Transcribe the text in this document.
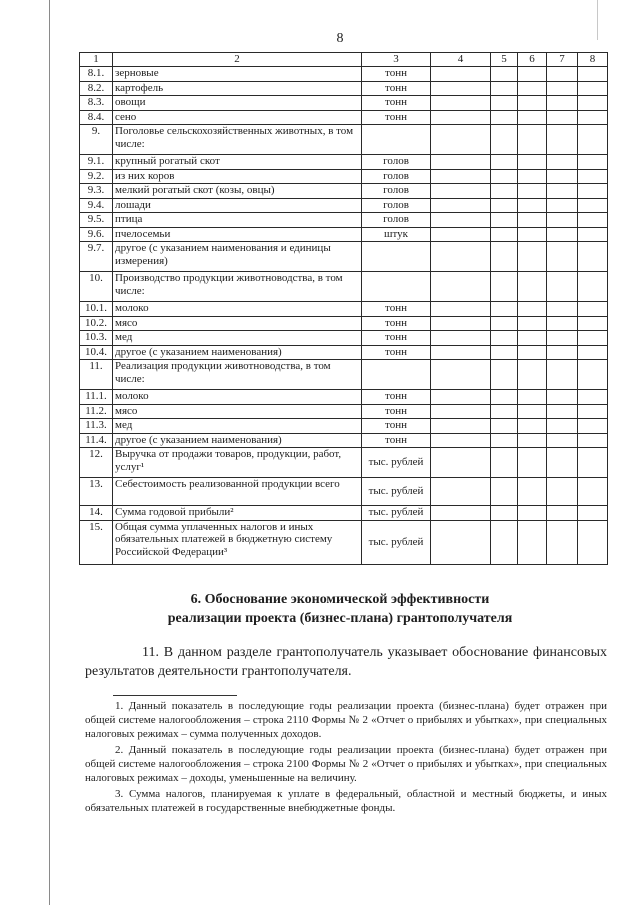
8
1	2	3	4	5	6	7	8
8.1.	зерновые	тонн					
8.2.	картофель	тонн					
8.3.	овощи	тонн					
8.4.	сено	тонн					
9.	Поголовье сельскохозяйственных животных, в том числе:						
9.1.	крупный рогатый скот	голов					
9.2.	из них коров	голов					
9.3.	мелкий рогатый скот (козы, овцы)	голов					
9.4.	лошади	голов					
9.5.	птица	голов					
9.6.	пчелосемьи	штук					
9.7.	другое (с указанием наименования и единицы измерения)						
10.	Производство продукции животноводства, в том числе:						
10.1.	молоко	тонн					
10.2.	мясо	тонн					
10.3.	мед	тонн					
10.4.	другое (с указанием наименования)	тонн					
11.	Реализация продукции животноводства, в том числе:						
11.1.	молоко	тонн					
11.2.	мясо	тонн					
11.3.	мед	тонн					
11.4.	другое (с указанием наименования)	тонн					
12.	Выручка от продажи товаров, продукции, работ, услуг¹	тыс. рублей					
13.	Себестоимость реализованной продукции всего	тыс. рублей					
14.	Сумма годовой прибыли²	тыс. рублей					
15.	Общая сумма уплаченных налогов и иных обязательных платежей в бюджетную систему Российской Федерации³	тыс. рублей					
6. Обоснование экономической эффективности
реализации проекта (бизнес-плана) грантополучателя
11. В данном разделе грантополучатель указывает обоснование финансовых результатов деятельности грантополучателя.

1. Данный показатель в последующие годы реализации проекта (бизнес-плана) будет отражен при общей системе налогообложения – строка 2110 Формы № 2 «Отчет о прибылях и убытках», при специальных налоговых режимах – сумма полученных доходов.

2. Данный показатель в последующие годы реализации проекта (бизнес-плана) будет отражен при общей системе налогообложения – строка 2100 Формы № 2 «Отчет о прибылях и убытках», при специальных налоговых режимах – доходы, уменьшенные на величину.

3. Сумма налогов, планируемая к уплате в федеральный, областной и местный бюджеты, и иных обязательных платежей в государственные внебюджетные фонды.
